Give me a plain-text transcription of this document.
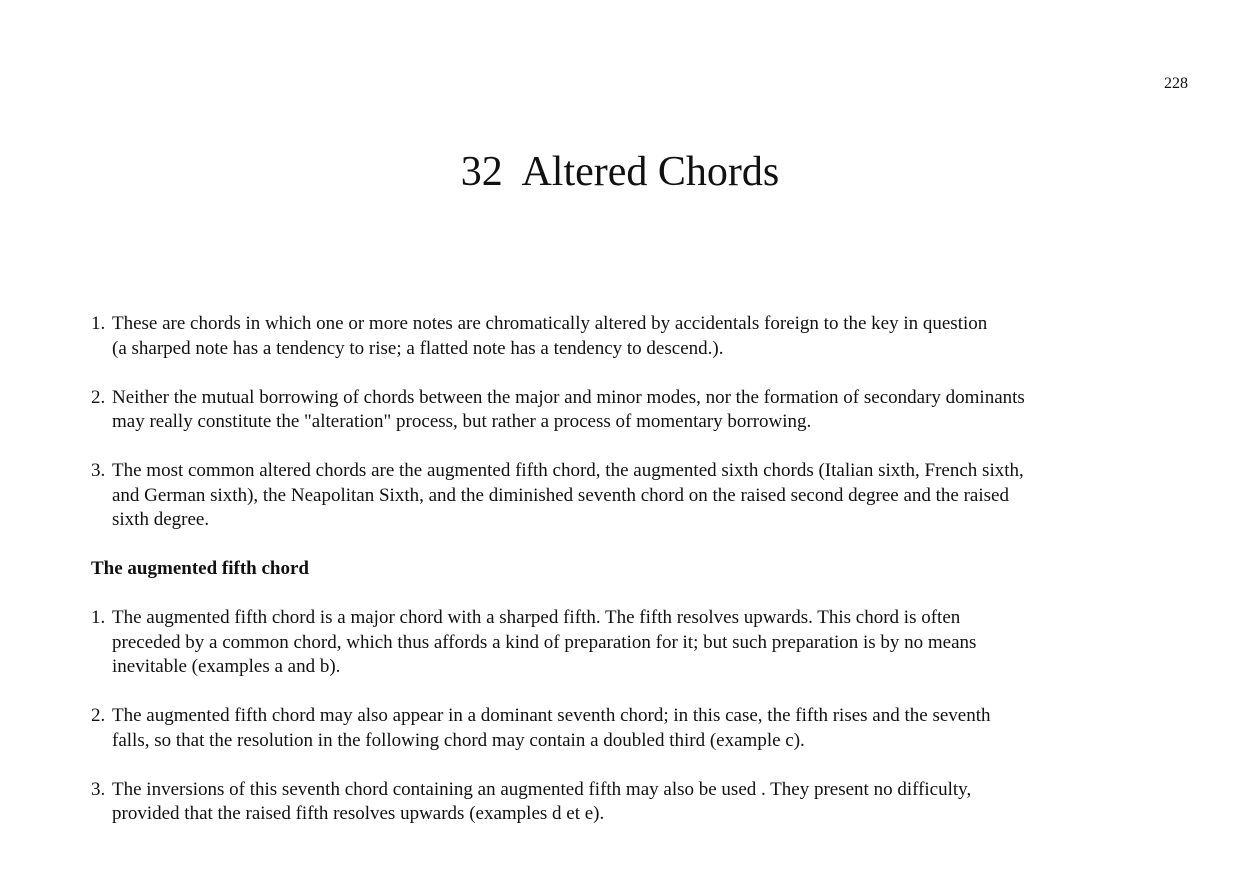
228
32  Altered Chords
1. These are chords in which one or more notes are chromatically altered by accidentals foreign to the key in question
(a sharped note has a tendency to rise; a flatted note has a tendency to descend.).
2. Neither the mutual borrowing of chords between the major and minor modes, nor the formation of secondary dominants
may really constitute the "alteration" process, but rather a process of momentary borrowing.
3. The most common altered chords are the augmented fifth chord, the augmented sixth chords (Italian sixth, French sixth,
and German sixth), the Neapolitan Sixth, and the diminished seventh chord on the raised second degree and the raised
sixth degree.
The augmented fifth chord
1. The augmented fifth chord is a major chord with a sharped fifth. The fifth resolves upwards. This chord is often
preceded by a common chord, which thus affords a kind of preparation for it; but such preparation is by no means
inevitable (examples a and b).
2. The augmented fifth chord may also appear in a dominant seventh chord; in this case, the fifth rises and the seventh
falls, so that the resolution in the following chord may contain a doubled third (example c).
3. The inversions of this seventh chord containing an augmented fifth may also be used . They present no difficulty,
provided that the raised fifth resolves upwards (examples d et e).
